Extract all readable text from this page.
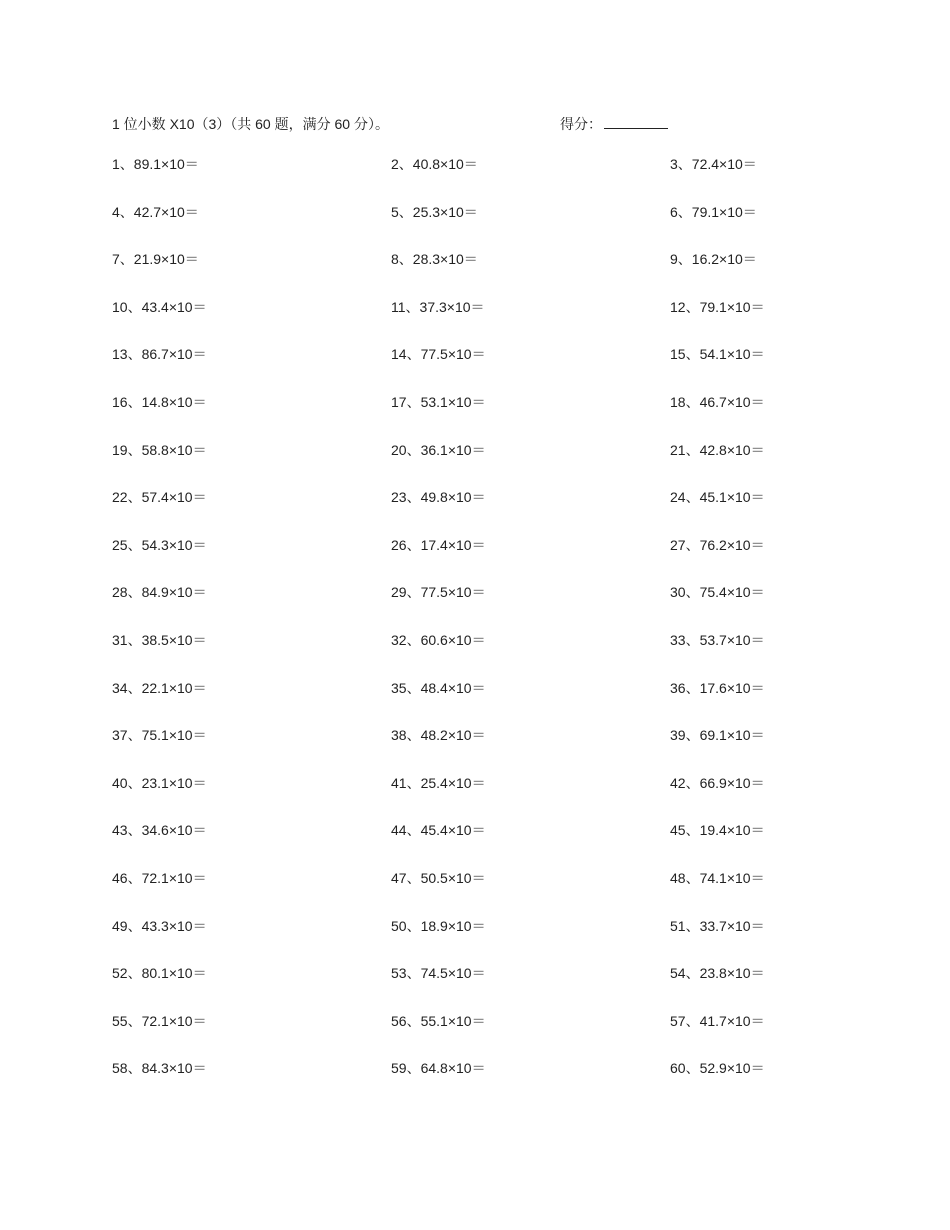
1 位小数 X10（3）（共 60 题，满分 60 分）。	得分：
1、89.1×10＝	2、40.8×10＝	3、72.4×10＝
4、42.7×10＝	5、25.3×10＝	6、79.1×10＝
7、21.9×10＝	8、28.3×10＝	9、16.2×10＝
10、43.4×10＝	11、37.3×10＝	12、79.1×10＝
13、86.7×10＝	14、77.5×10＝	15、54.1×10＝
16、14.8×10＝	17、53.1×10＝	18、46.7×10＝
19、58.8×10＝	20、36.1×10＝	21、42.8×10＝
22、57.4×10＝	23、49.8×10＝	24、45.1×10＝
25、54.3×10＝	26、17.4×10＝	27、76.2×10＝
28、84.9×10＝	29、77.5×10＝	30、75.4×10＝
31、38.5×10＝	32、60.6×10＝	33、53.7×10＝
34、22.1×10＝	35、48.4×10＝	36、17.6×10＝
37、75.1×10＝	38、48.2×10＝	39、69.1×10＝
40、23.1×10＝	41、25.4×10＝	42、66.9×10＝
43、34.6×10＝	44、45.4×10＝	45、19.4×10＝
46、72.1×10＝	47、50.5×10＝	48、74.1×10＝
49、43.3×10＝	50、18.9×10＝	51、33.7×10＝
52、80.1×10＝	53、74.5×10＝	54、23.8×10＝
55、72.1×10＝	56、55.1×10＝	57、41.7×10＝
58、84.3×10＝	59、64.8×10＝	60、52.9×10＝
